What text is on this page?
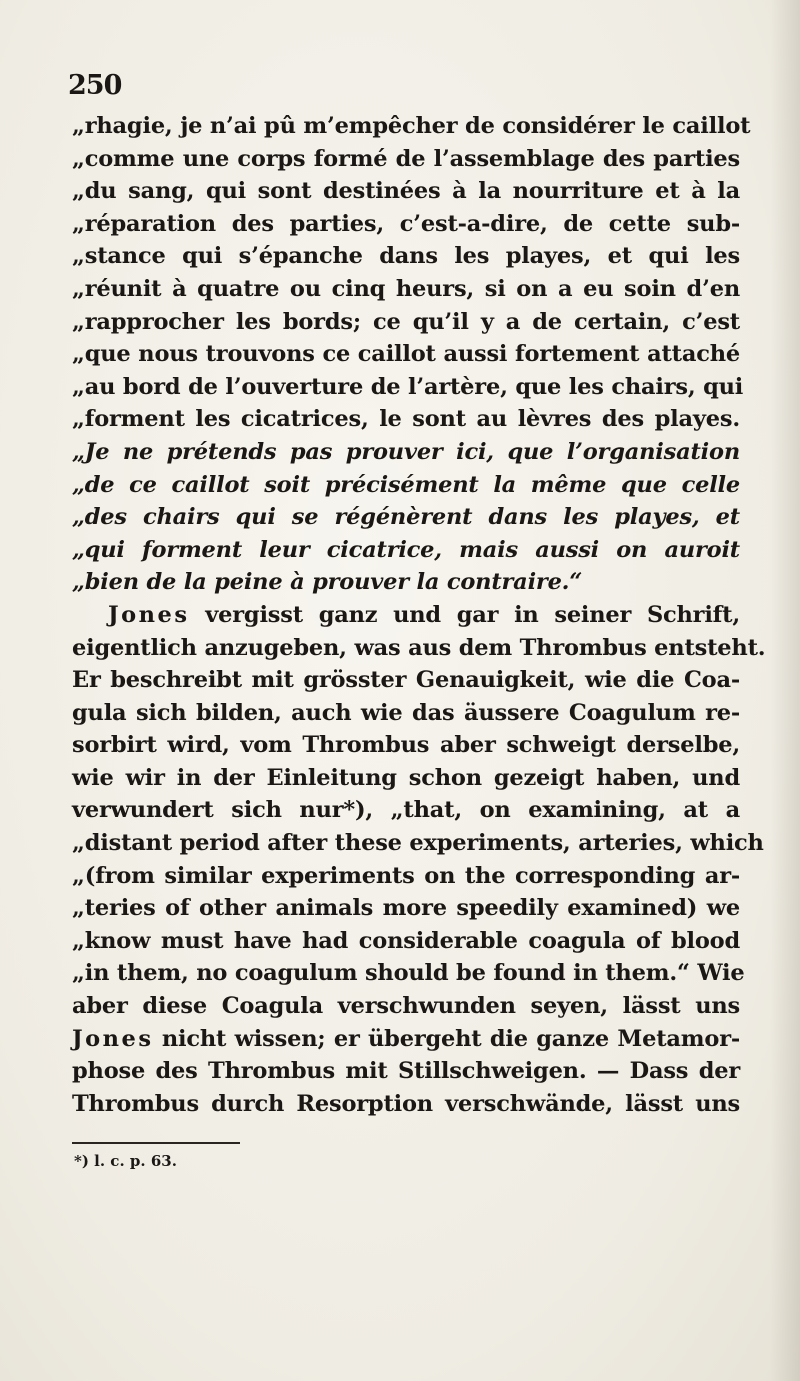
250
„rhagie, je n’ai pû m’empêcher de considérer le caillot
„comme une corps formé de l’assemblage des parties
„du sang, qui sont destinées à la nourriture et à la
„réparation des parties, c’est-a-dire, de cette sub-
„stance qui s’épanche dans les playes, et qui les
„réunit à quatre ou cinq heurs, si on a eu soin d’en
„rapprocher les bords; ce qu’il y a de certain, c’est
„que nous trouvons ce caillot aussi fortement attaché
„au bord de l’ouverture de l’artère, que les chairs, qui
„forment les cicatrices, le sont au lèvres des playes.
„Je ne prétends pas prouver ici, que l’organisation
„de ce caillot soit précisément la même que celle
„des chairs qui se régénèrent dans les playes, et
„qui forment leur cicatrice, mais aussi on auroit
„bien de la peine à prouver la contraire.“
Jones vergisst ganz und gar in seiner Schrift,
eigentlich anzugeben, was aus dem Thrombus entsteht.
Er beschreibt mit grösster Genauigkeit, wie die Coa-
gula sich bilden, auch wie das äussere Coagulum re-
sorbirt wird, vom Thrombus aber schweigt derselbe,
wie wir in der Einleitung schon gezeigt haben, und
verwundert sich nur*), „that, on examining, at a
„distant period after these experiments, arteries, which
„(from similar experiments on the corresponding ar-
„teries of other animals more speedily examined) we
„know must have had considerable coagula of blood
„in them, no coagulum should be found in them.“ Wie
aber diese Coagula verschwunden seyen, lässt uns
Jones nicht wissen; er übergeht die ganze Metamor-
phose des Thrombus mit Stillschweigen. — Dass der
Thrombus durch Resorption verschwände, lässt uns
*) l. c. p. 63.
